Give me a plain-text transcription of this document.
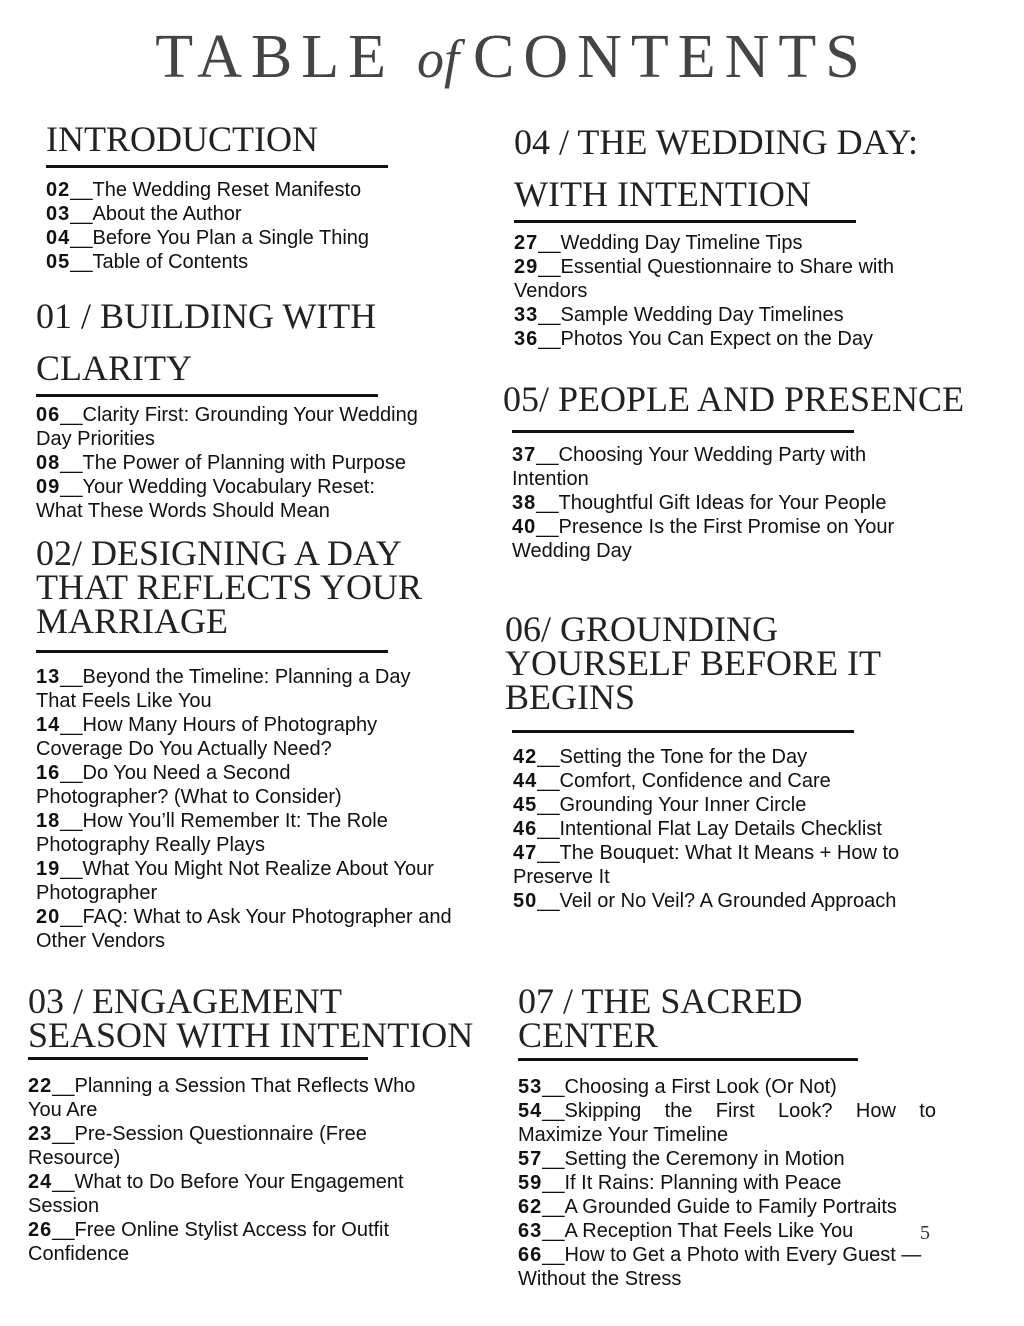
TABLE of CONTENTS
INTRODUCTION
02__The Wedding Reset Manifesto
03__About the Author
04__Before You Plan a Single Thing
05__Table of Contents
01 / BUILDING WITH
CLARITY
06__Clarity First: Grounding Your Wedding Day Priorities
08__The Power of Planning with Purpose
09__Your Wedding Vocabulary Reset: What These Words Should Mean
02/ DESIGNING A DAY
THAT REFLECTS YOUR
MARRIAGE
13__Beyond the Timeline: Planning a Day That Feels Like You
14__How Many Hours of Photography Coverage Do You Actually Need?
16__Do You Need a Second Photographer? (What to Consider)
18__How You’ll Remember It: The Role Photography Really Plays
19__What You Might Not Realize About Your Photographer
20__FAQ: What to Ask Your Photographer and Other Vendors
03 / ENGAGEMENT
SEASON WITH INTENTION
22__Planning a Session That Reflects Who You Are
23__Pre-Session Questionnaire (Free Resource)
24__What to Do Before Your Engagement Session
26__Free Online Stylist Access for Outfit Confidence
04 / THE WEDDING DAY:
WITH INTENTION
27__Wedding Day Timeline Tips
29__Essential Questionnaire to Share with Vendors
33__Sample Wedding Day Timelines
36__Photos You Can Expect on the Day
05/ PEOPLE AND PRESENCE
37__Choosing Your Wedding Party with Intention
38__Thoughtful Gift Ideas for Your People
40__Presence Is the First Promise on Your Wedding Day
06/ GROUNDING
YOURSELF BEFORE IT
BEGINS
42__Setting the Tone for the Day
44__Comfort, Confidence and Care
45__Grounding Your Inner Circle
46__Intentional Flat Lay Details Checklist
47__The Bouquet: What It Means + How to Preserve It
50__Veil or No Veil? A Grounded Approach
07 / THE SACRED
CENTER
53__Choosing a First Look (Or Not)
54__Skipping the First Look? How to Maximize Your Timeline
57__Setting the Ceremony in Motion
59__If It Rains: Planning with Peace
62__A Grounded Guide to Family Portraits
63__A Reception That Feels Like You
66__How to Get a Photo with Every Guest —Without the Stress
5
